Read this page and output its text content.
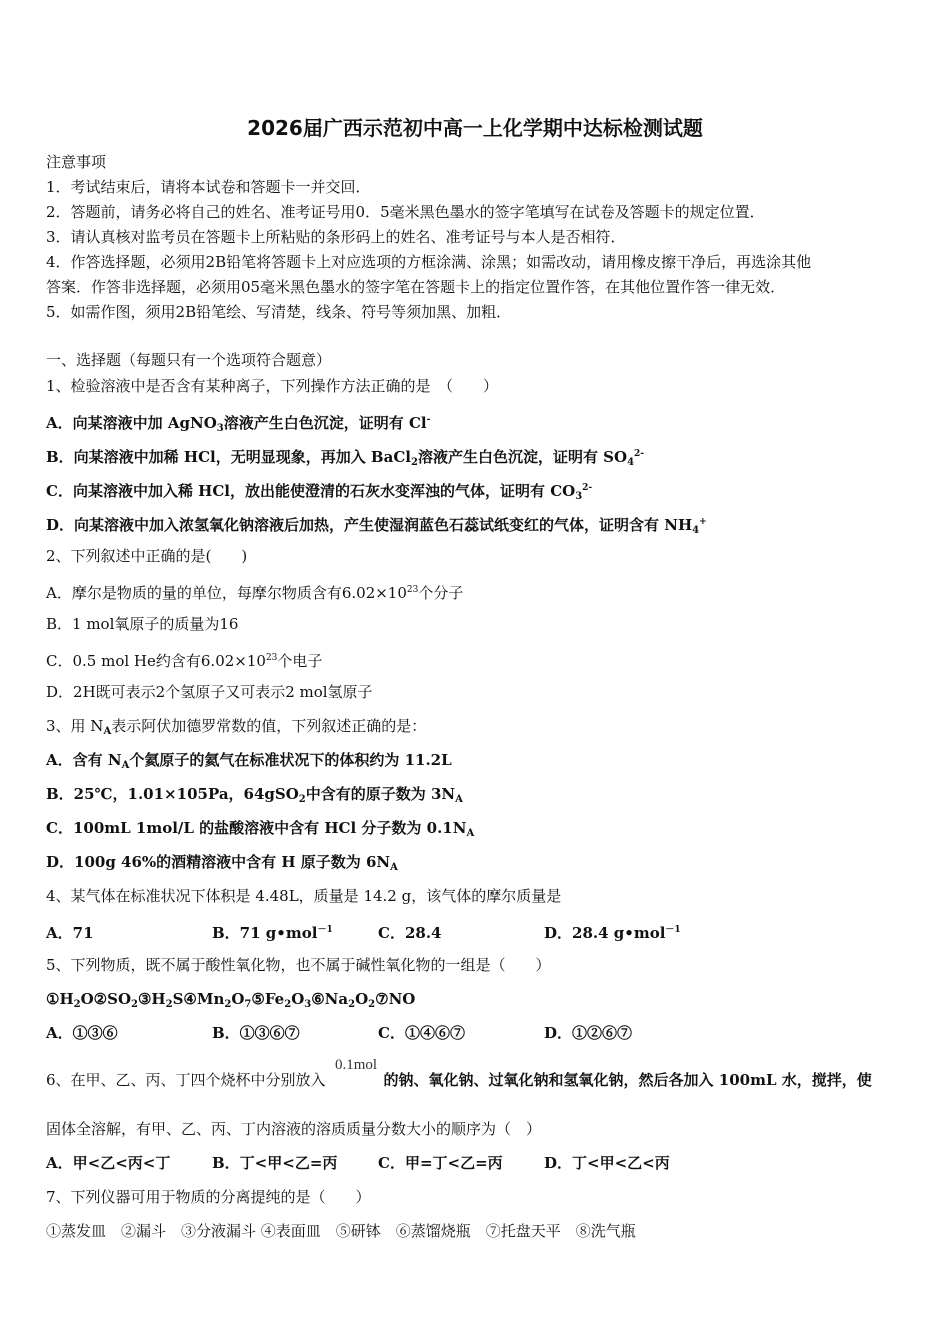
2026届广西示范初中高一上化学期中达标检测试题
注意事项
1．考试结束后，请将本试卷和答题卡一并交回．
2．答题前，请务必将自己的姓名、准考证号用0．5毫米黑色墨水的签字笔填写在试卷及答题卡的规定位置．
3．请认真核对监考员在答题卡上所粘贴的条形码上的姓名、准考证号与本人是否相符．
4．作答选择题，必须用2B铅笔将答题卡上对应选项的方框涂满、涂黑；如需改动，请用橡皮擦干净后，再选涂其他
答案．作答非选择题，必须用05毫米黑色墨水的签字笔在答题卡上的指定位置作答，在其他位置作答一律无效．
5．如需作图，须用2B铅笔绘、写清楚，线条、符号等须加黑、加粗．
一、选择题（每题只有一个选项符合题意）
1、检验溶液中是否含有某种离子，下列操作方法正确的是　（　　）
A．向某溶液中加 AgNO$_3$溶液产生白色沉淀，证明有 Cl-
B．向某溶液中加稀 HCl，无明显现象，再加入 BaCl$_2$溶液产生白色沉淀，证明有 $SO_4^{2-}$
C．向某溶液中加入稀 HCl，放出能使澄清的石灰水变浑浊的气体，证明有 $CO_3^{2-}$
D．向某溶液中加入浓氢氧化钠溶液后加热，产生使湿润蓝色石蕊试纸变红的气体，证明含有 $NH_4^+$
2、下列叙述中正确的是(　　)
A．摩尔是物质的量的单位，每摩尔物质含有$6.02\times 10^{23}$个分子
B．1 mol氧原子的质量为16
C．0.5 mol He约含有$6.02\times 10^{23}$个电子
D．2H既可表示2个氢原子又可表示2 mol氢原子
3、用 $N_A$表示阿伏加德罗常数的值，下列叙述正确的是：
A．含有 $N_A$个氦原子的氦气在标准状况下的体积约为 11.2L
B．25℃，1.01×105Pa，64gSO$_2$中含有的原子数为 $3N_A$
C．100mL 1mol/L 的盐酸溶液中含有 HCl 分子数为 $0.1N_A$
D．100g 46%的酒精溶液中含有 H 原子数为 $6N_A$
4、某气体在标准状况下体积是 4.48L，质量是 14.2 g，该气体的摩尔质量是
A．71	B．71 g•mol$^{-1}$	C．28.4	D．28.4 g•mol$^{-1}$
5、下列物质，既不属于酸性氧化物，也不属于碱性氧化物的一组是（　　）
$①H_2O②SO_2③H_2S④Mn_2O_7⑤Fe_2O_3⑥Na_2O_2⑦NO$
A．①③⑥	B．①③⑥⑦	C．①④⑥⑦	D．①②⑥⑦
0.1mol
6、在甲、乙、丙、丁四个烧杯中分别放入	的钠、氧化钠、过氧化钠和氢氧化钠，然后各加入 100mL 水，搅拌，使
固体全溶解，有甲、乙、丙、丁内溶液的溶质质量分数大小的顺序为（　）
A．甲<乙<丙<丁	B．丁<甲<乙=丙	C．甲=丁<乙=丙	D．丁<甲<乙<丙
7、下列仪器可用于物质的分离提纯的是（　　）
①蒸发皿　②漏斗　③分液漏斗 ④表面皿　⑤研钵　⑥蒸馏烧瓶　⑦托盘天平　⑧洗气瓶
